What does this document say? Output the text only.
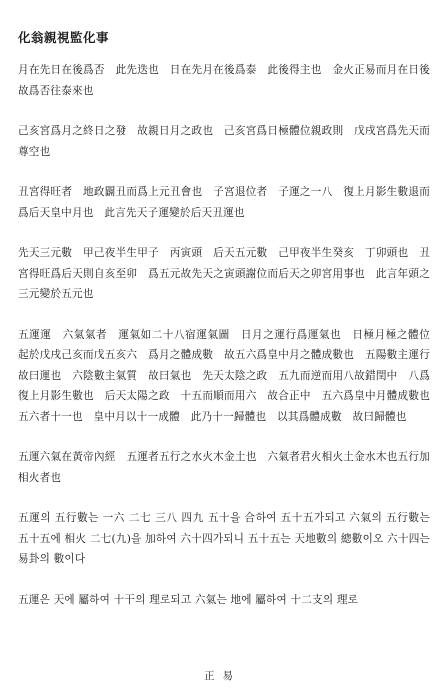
化翁親視監化事

月在先日在後爲否　此先迭也　日在先月在後爲泰　此後得主也　金火正易而月在日後故爲否往泰來也

己亥宮爲月之終日之發　故親日月之政也　己亥宮爲日極體位親政則　戊戌宮爲先天而尊空也

丑宮得旺者　地政闢丑而爲上元丑會也　子宮退位者　子運之一八　復上月影生數退而爲后天皇中月也　此言先天子運變於后天丑運也

先天三元數　甲己夜半生甲子　丙寅頭　后天五元數　己甲夜半生癸亥　丁卯頭也　丑宮得旺爲后天則自亥至卯　爲五元故先天之寅頭謝位而后天之卯宮用事也　此言年頭之三元變於五元也

五運運　六氣氣者　運氣如二十八宿運氣圖　日月之運行爲運氣也　日極月極之體位　起於戊戌己亥而戊五亥六　爲月之體成數　故五六爲皇中月之體成數也　五陽數主運行　故曰運也　六陰數主氣質　故曰氣也　先天太陰之政　五九而逆而用八故錯閏中　八爲復上月影生數也　后天太陽之政　十五而順而用六　故合正中　五六爲皇中月體成數也　五六者十一也　皇中月以十一成體　此乃十一歸體也　以其爲體成數　故曰歸體也

五運六氣在黃帝內經　五運者五行之水火木金土也　六氣者君火相火土金水木也五行加相火者也

五運의 五行數는 一六 二七 三八 四九 五十을 合하여 五十五가되고 六氣의 五行數는 五十五에 相火 二七(九)을 加하여 六十四가되니 五十五는 天地數의 總數이오 六十四는 易卦의 數이다

五運은 天에 屬하여 十干의 理로되고 六氣는 地에 屬하여 十二支의 理로

正易
